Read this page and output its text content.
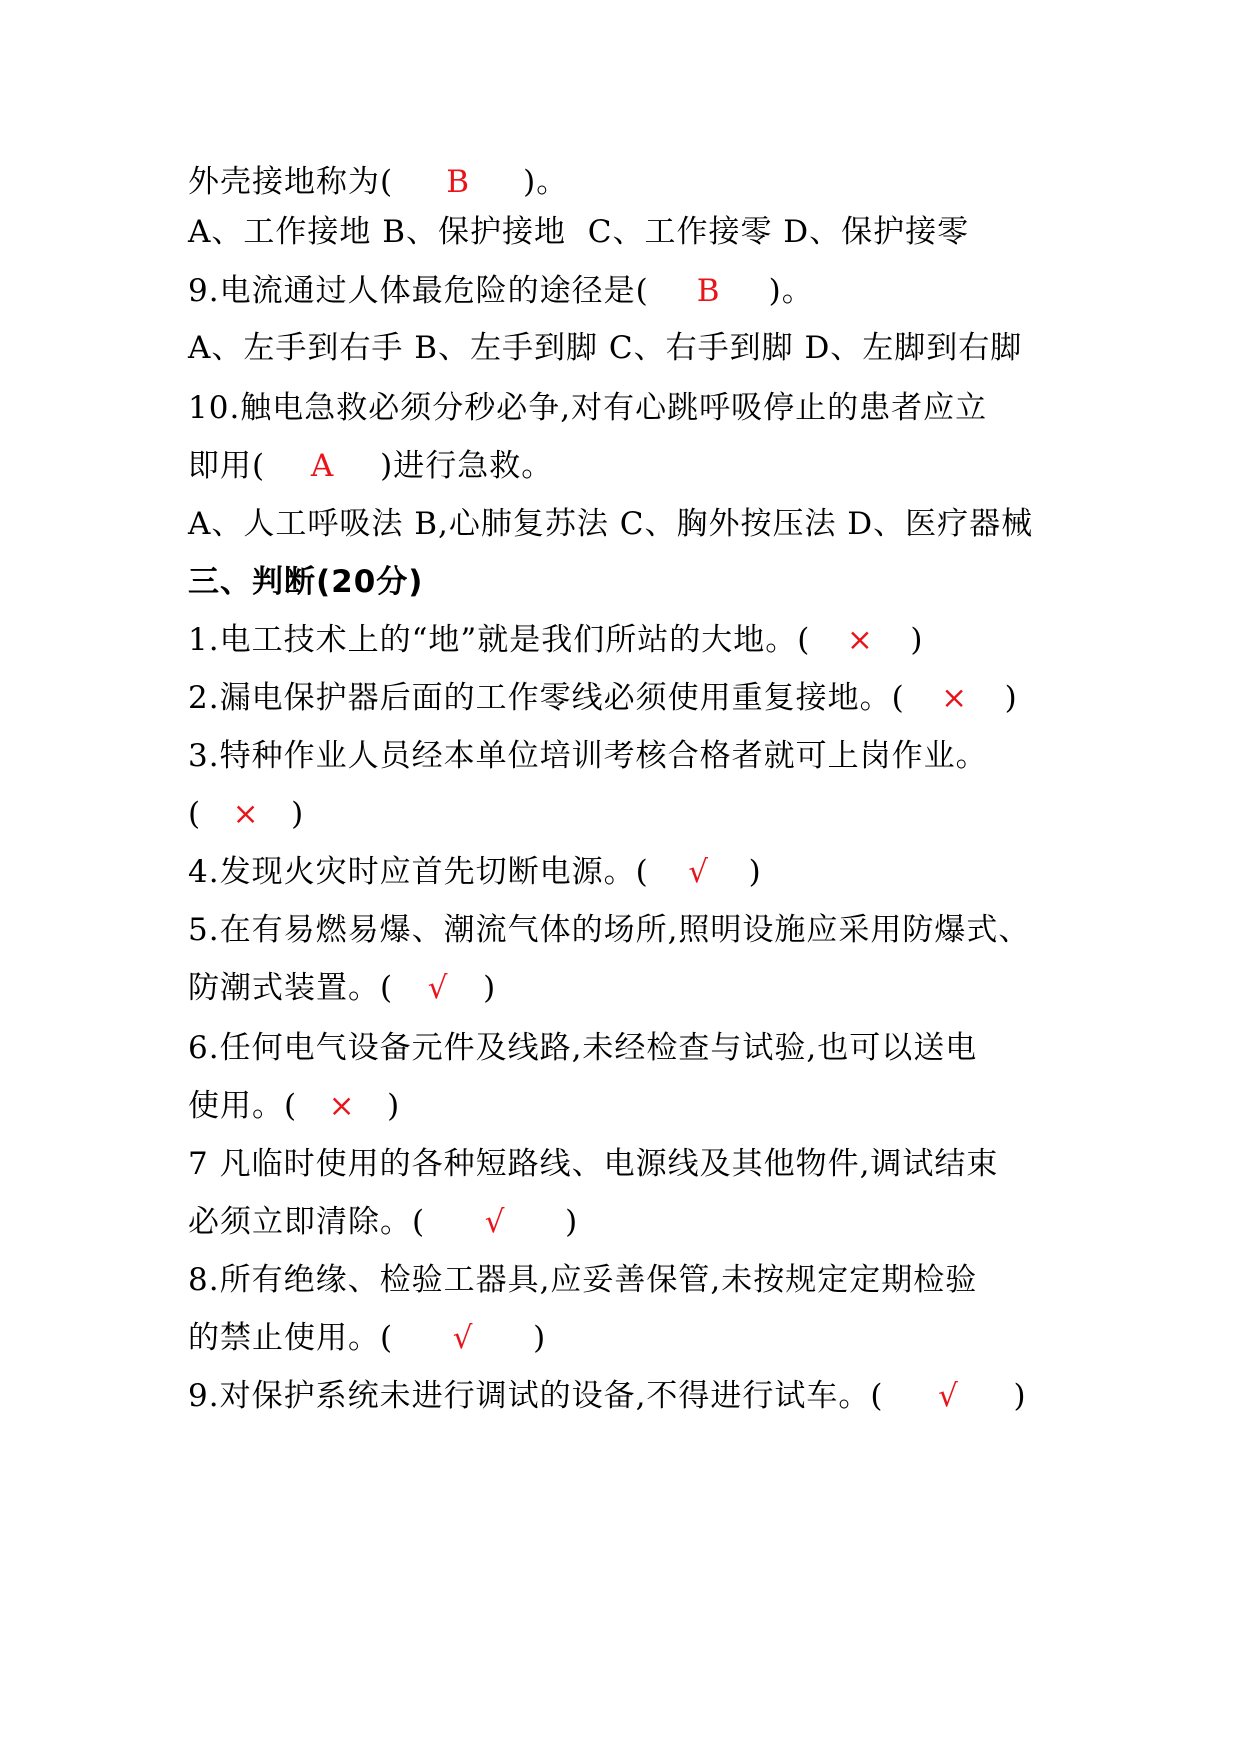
外壳接地称为( B )。
A、工作接地 B、保护接地  C、工作接零 D、保护接零
9.电流通过人体最危险的途径是( B )。
A、左手到右手 B、左手到脚 C、右手到脚 D、左脚到右脚
10.触电急救必须分秒必争,对有心跳呼吸停止的患者应立
即用( A )进行急救。
A、人工呼吸法 B,心肺复苏法 C、胸外按压法 D、医疗器械
三、判断(20分)
1.电工技术上的“地”就是我们所站的大地。( × )
2.漏电保护器后面的工作零线必须使用重复接地。( × )
3.特种作业人员经本单位培训考核合格者就可上岗作业。
( × )
4.发现火灾时应首先切断电源。( √ )
5.在有易燃易爆、潮流气体的场所,照明设施应采用防爆式、
防潮式装置。( √ )
6.任何电气设备元件及线路,未经检查与试验,也可以送电
使用。( × )
7 凡临时使用的各种短路线、电源线及其他物件,调试结束
必须立即清除。( √ )
8.所有绝缘、检验工器具,应妥善保管,未按规定定期检验
的禁止使用。( √ )
9.对保护系统未进行调试的设备,不得进行试车。( √ )
